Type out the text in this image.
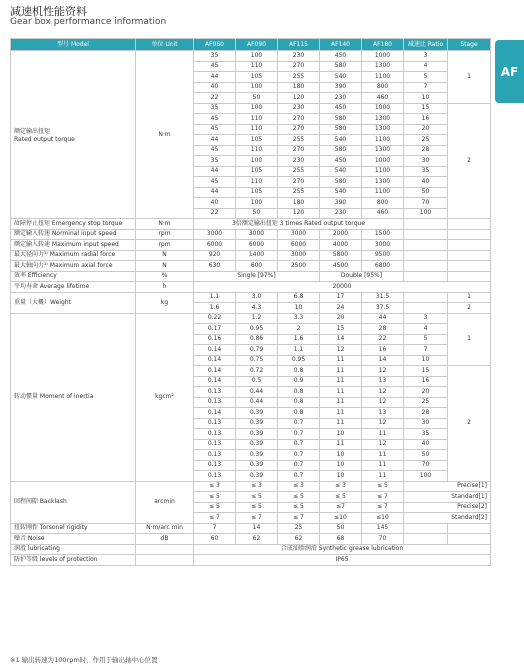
减速机性能资料
Gear box performance information
AF
型号 Model	单位 Unit	AF060	AF090	AF115	AF140	AF180	减速比 Ratio	Stage

额定输出扭矩
Rated output torque	N·m	35	100	230	450	1000	3	1
		45	110	270	580	1300	4	
		44	105	255	540	1100	5	
		40	100	180	390	800	7	
		22	50	120	230	460	10	
		35	100	230	450	1000	15	2
		45	110	270	580	1300	16	
		45	110	270	580	1300	20	
		44	105	255	540	1100	25	
		45	110	270	580	1300	28	
		35	100	230	450	1000	30	
		44	105	255	540	1100	35	
		45	110	270	580	1300	40	
		44	105	255	540	1100	50	
		40	100	180	390	800	70	
		22	50	120	230	460	100	
故障停止扭矩 Emergency stop torque	N·m	3倍额定输出扭矩 3 times Rated output torque						
额定输入转速 Norminal input speed	rpm	3000	3000	3000	2000	1500		
额定输入转速 Maximum input speed	rpm	6000	6000	6000	4000	3000		
最大径向力¹⁾ Maximum radial force	N	920	1400	3000	5800	9500		
最大轴向力¹⁾ Maximum axial force	N	630	600	2500	4500	6800		
效率 Efficiency	%	Single [97%]			Double [95%]			
平均寿命 Average lifetime	h	20000						
重量（大概）Weight	kg	1.1	3.0	6.8	17	31.5		1
		1.6	4.3	10	24	37.5		2
转动惯量 Moment of inertia	kgcm²	0.22	1.2	3.3	20	44	3	1
		0.17	0.95	2	15	28	4	
		0.16	0.86	1.6	14	22	5	
		0.14	0.79	1.1	12	16	7	
		0.14	0.75	0.95	11	14	10	
		0.14	0.72	0.8	11	12	15	2
		0.14	0.5	0.9	11	13	16	
		0.13	0.44	0.8	11	12	20	
		0.13	0.44	0.8	11	12	25	
		0.14	0.39	0.8	11	13	28	
		0.13	0.39	0.7	11	12	30	
		0.13	0.39	0.7	10	11	35	
		0.13	0.39	0.7	11	12	40	
		0.13	0.39	0.7	10	11	50	
		0.13	0.39	0.7	10	11	70	
		0.13	0.39	0.7	10	11	100	
回程间隙 Backlash	arcmin	≤ 3	≤ 3	≤ 3	≤ 3	≤ 5	Precise[1]	
		≤ 5	≤ 5	≤ 5	≤ 5	≤ 7	Standard[1]	
		≤ 5	≤ 5	≤ 5	≤7	≤ 7	Precise[2]	
		≤ 7	≤ 7	≤ 7	≤10	≤10	Standard[2]	
扭转刚性 Torsonal rigidity	N·m/arc min	7	14	25	50	145		
噪音 Noise	dB	60	62	62	68	70		
润滑 lubricating		合成油脂润滑 Synthetic grease lubrication						
防护等级 levels of protection		IP65						
※1 输出转速为100rpm时，作用于输出轴中心位置
